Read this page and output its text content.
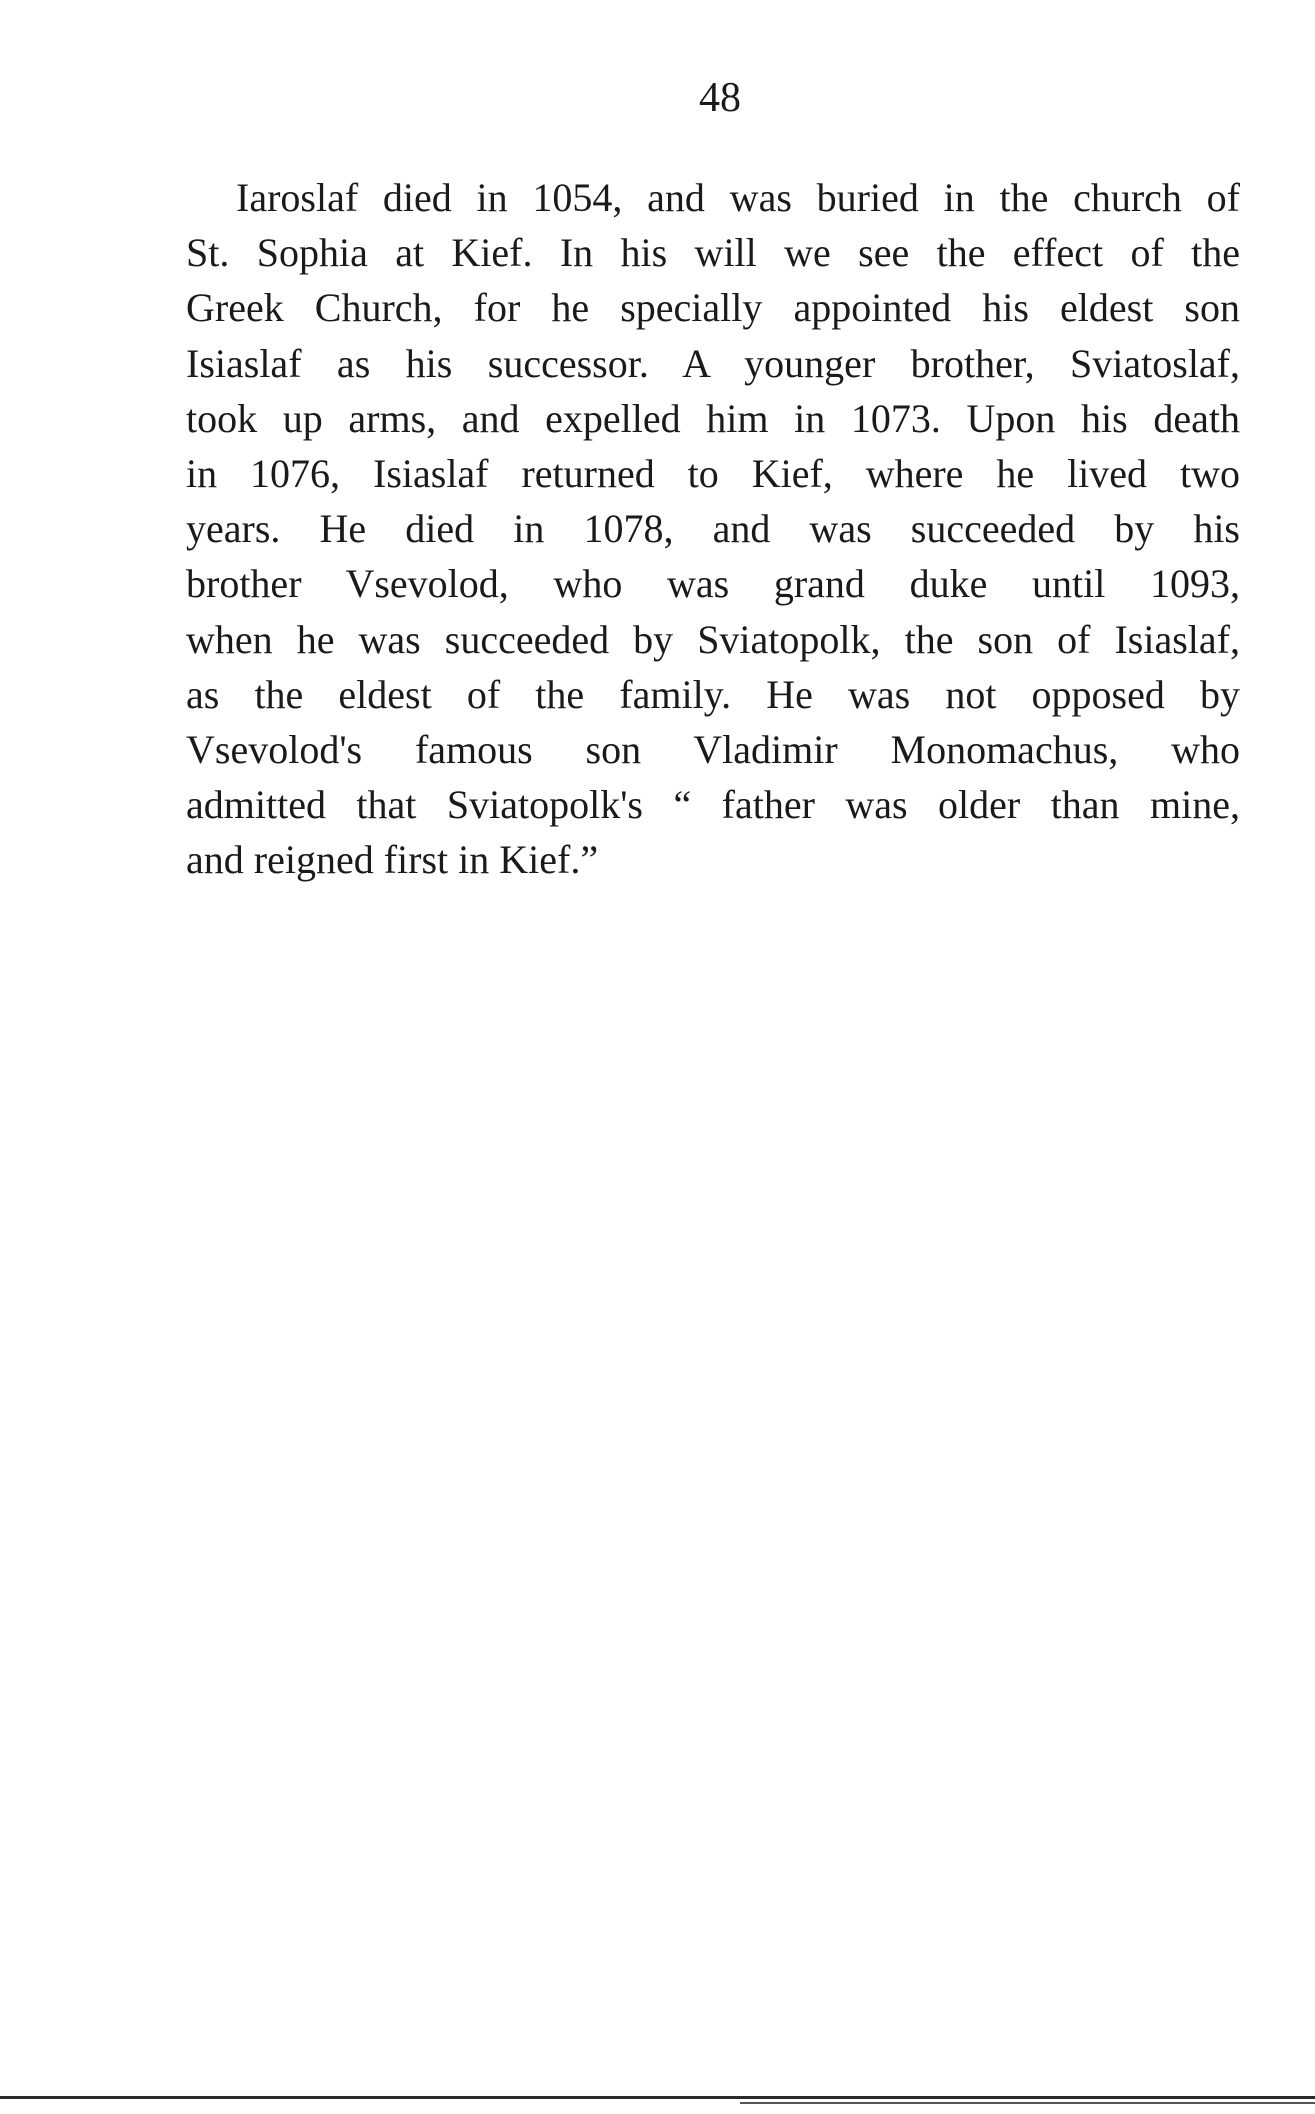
48
Iaroslaf died in 1054, and was buried in the church of
St. Sophia at Kief. In his will we see the effect of the
Greek Church, for he specially appointed his eldest son
Isiaslaf as his successor. A younger brother, Sviatoslaf,
took up arms, and expelled him in 1073. Upon his death
in 1076, Isiaslaf returned to Kief, where he lived two
years. He died in 1078, and was succeeded by his
brother Vsevolod, who was grand duke until 1093,
when he was succeeded by Sviatopolk, the son of Isiaslaf,
as the eldest of the family. He was not opposed by
Vsevolod's famous son Vladimir Monomachus, who
admitted that Sviatopolk's “ father was older than mine,
and reigned first in Kief.”
